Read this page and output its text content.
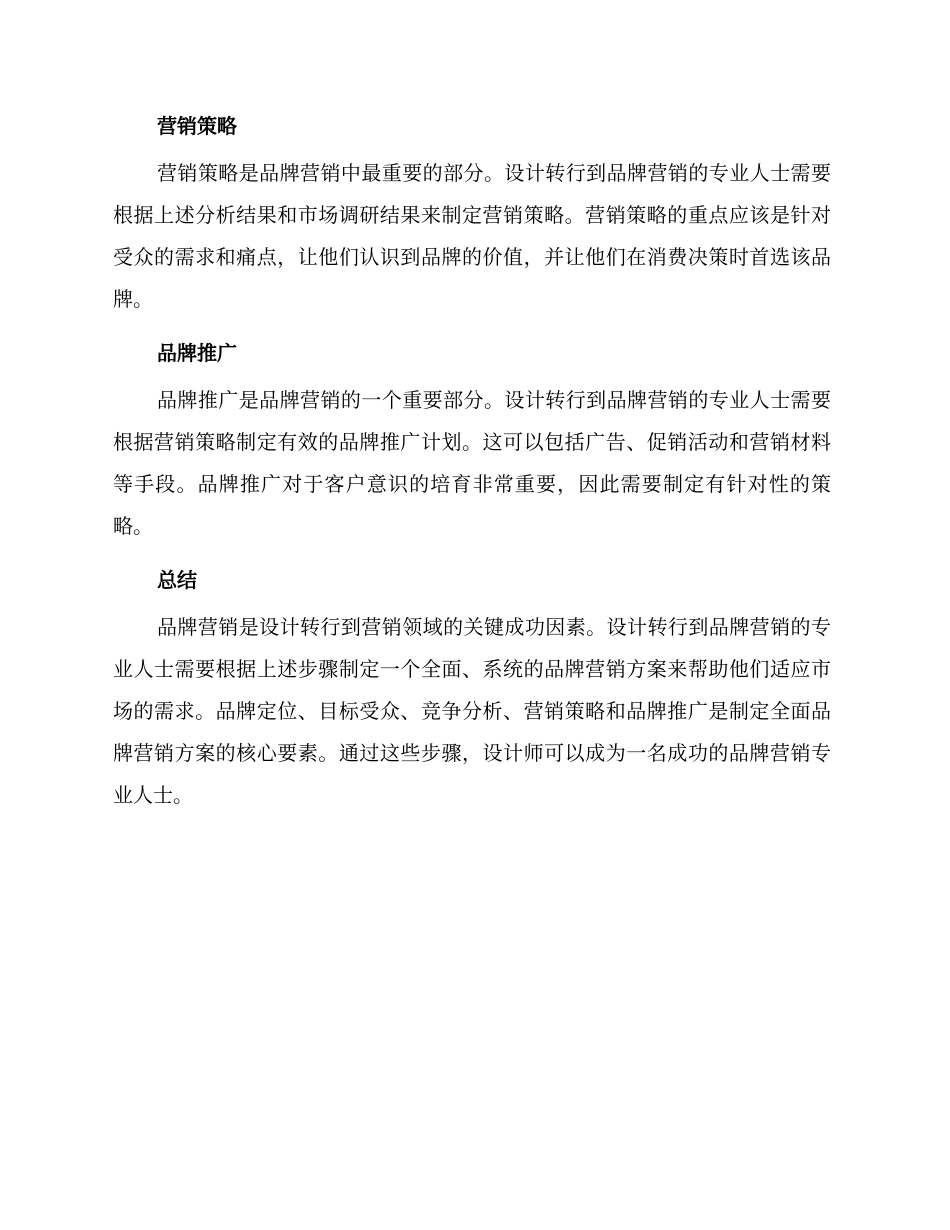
营销策略

营销策略是品牌营销中最重要的部分。设计转行到品牌营销的专业人士需要根据上述分析结果和市场调研结果来制定营销策略。营销策略的重点应该是针对受众的需求和痛点，让他们认识到品牌的价值，并让他们在消费决策时首选该品牌。

品牌推广

品牌推广是品牌营销的一个重要部分。设计转行到品牌营销的专业人士需要根据营销策略制定有效的品牌推广计划。这可以包括广告、促销活动和营销材料等手段。品牌推广对于客户意识的培育非常重要，因此需要制定有针对性的策略。

总结

品牌营销是设计转行到营销领域的关键成功因素。设计转行到品牌营销的专业人士需要根据上述步骤制定一个全面、系统的品牌营销方案来帮助他们适应市场的需求。品牌定位、目标受众、竞争分析、营销策略和品牌推广是制定全面品牌营销方案的核心要素。通过这些步骤，设计师可以成为一名成功的品牌营销专业人士。
